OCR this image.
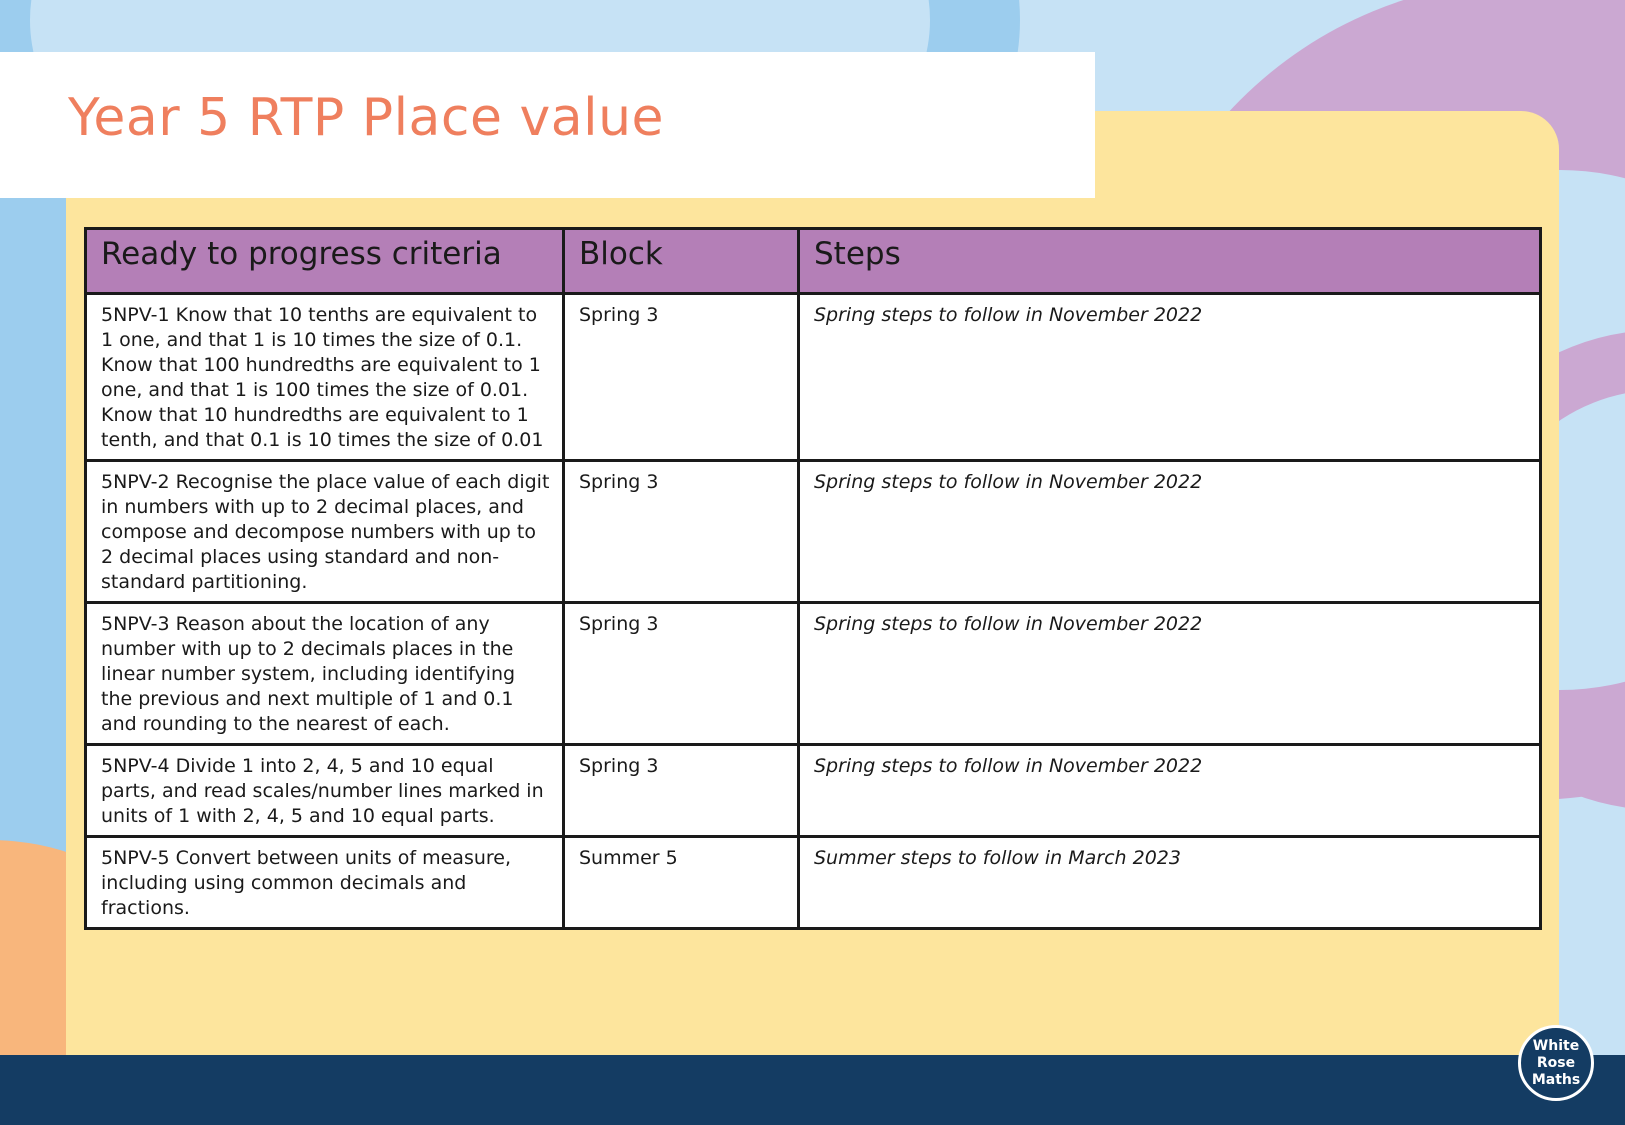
Year 5 RTP Place value
Ready to progress criteria	Block	Steps
5NPV-1 Know that 10 tenths are equivalent to 1 one, and that 1 is 10 times the size of 0.1. Know that 100 hundredths are equivalent to 1 one, and that 1 is 100 times the size of 0.01. Know that 10 hundredths are equivalent to 1 tenth, and that 0.1 is 10 times the size of 0.01	Spring 3	Spring steps to follow in November 2022
5NPV-2 Recognise the place value of each digit in numbers with up to 2 decimal places, and compose and decompose numbers with up to 2 decimal places using standard and non-standard partitioning.	Spring 3	Spring steps to follow in November 2022
5NPV-3 Reason about the location of any number with up to 2 decimals places in the linear number system, including identifying the previous and next multiple of 1 and 0.1 and rounding to the nearest of each.	Spring 3	Spring steps to follow in November 2022
5NPV-4 Divide 1 into 2, 4, 5 and 10 equal parts, and read scales/number lines marked in units of 1 with 2, 4, 5 and 10 equal parts.	Spring 3	Spring steps to follow in November 2022
5NPV-5 Convert between units of measure, including using common decimals and fractions.	Summer 5	Summer steps to follow in March 2023
White
Rose
Maths
